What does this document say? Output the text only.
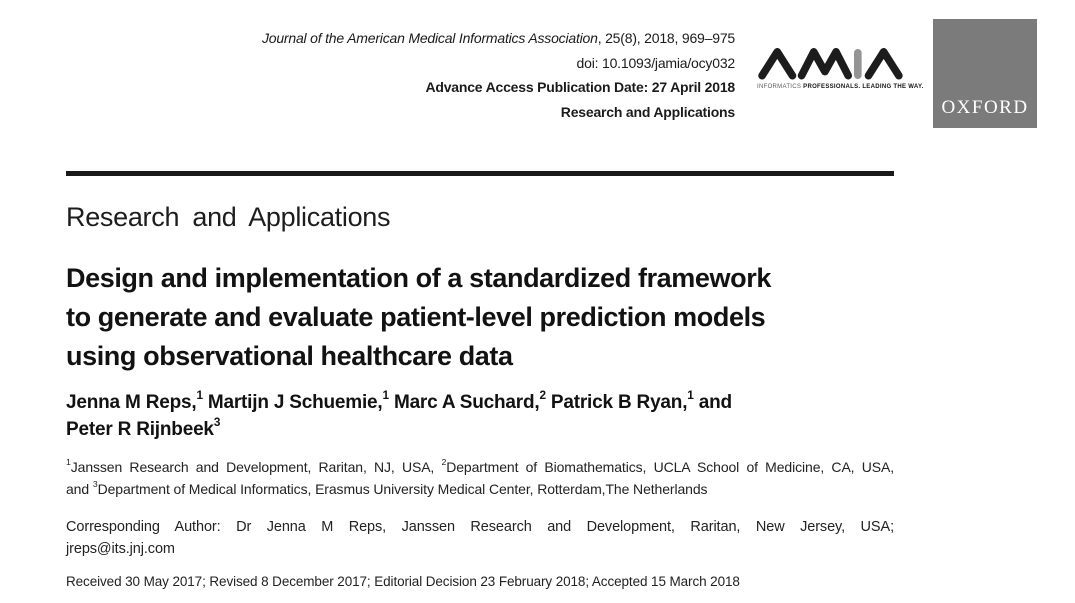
Journal of the American Medical Informatics Association, 25(8), 2018, 969–975
doi: 10.1093/jamia/ocy032
Advance Access Publication Date: 27 April 2018
Research and Applications
INFORMATICS PROFESSIONALS. LEADING THE WAY.
OXFORD
Research and Applications
Design and implementation of a standardized framework
to generate and evaluate patient-level prediction models
using observational healthcare data
Jenna M Reps,$^1$ Martijn J Schuemie,$^1$ Marc A Suchard,$^2$ Patrick B Ryan,$^1$ and
Peter R Rijnbeek$^3$
$^1$Janssen Research and Development, Raritan, NJ, USA, $^2$Department of Biomathematics, UCLA School of Medicine, CA, USA,
and $^3$Department of Medical Informatics, Erasmus University Medical Center, Rotterdam,The Netherlands
Corresponding Author: Dr Jenna M Reps, Janssen Research and Development, Raritan, New Jersey, USA;
jreps@its.jnj.com
Received 30 May 2017; Revised 8 December 2017; Editorial Decision 23 February 2018; Accepted 15 March 2018
